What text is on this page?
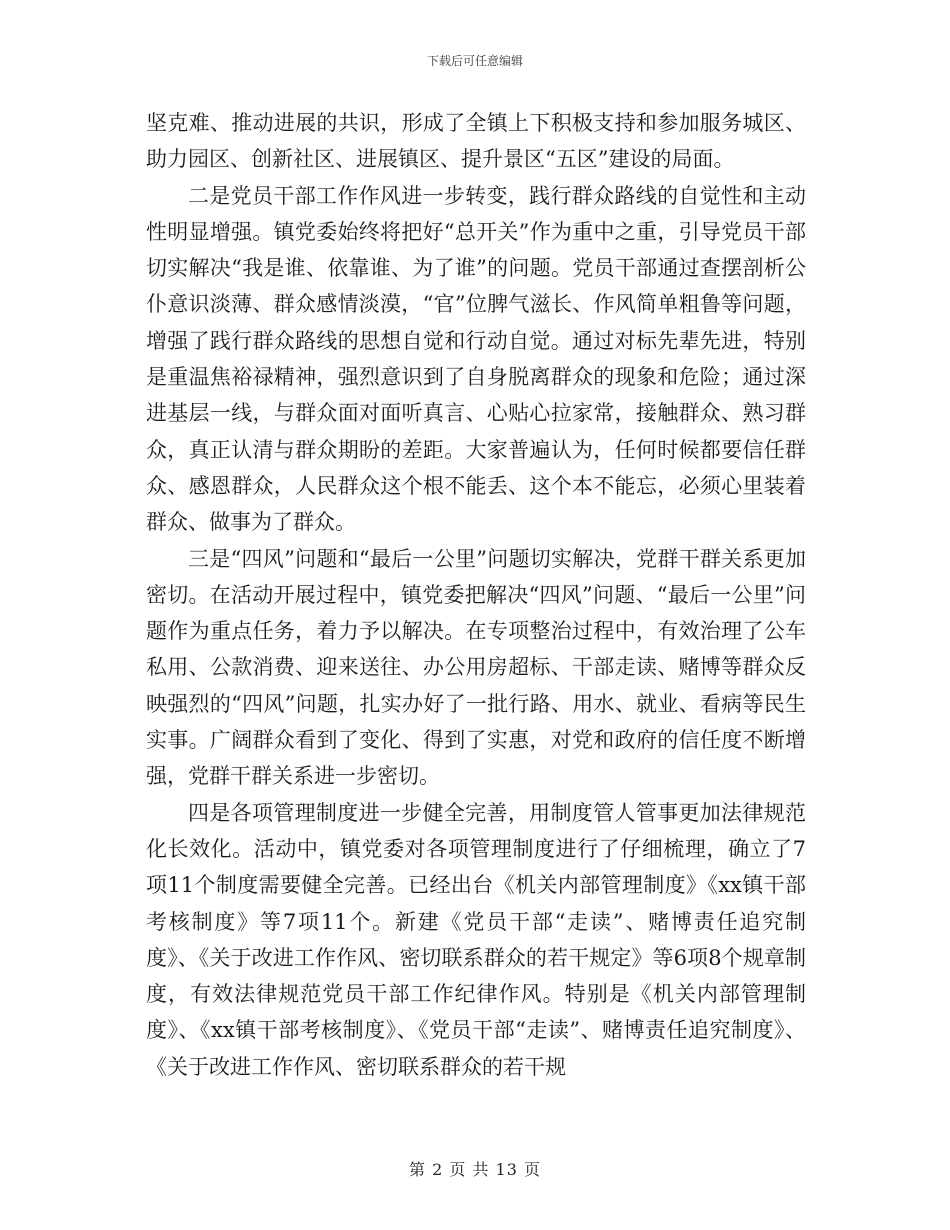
下载后可任意编辑

坚克难、推动进展的共识，形成了全镇上下积极支持和参加服务城区、助力园区、创新社区、进展镇区、提升景区“五区”建设的局面。

二是党员干部工作作风进一步转变，践行群众路线的自觉性和主动性明显增强。镇党委始终将把好“总开关”作为重中之重，引导党员干部切实解决“我是谁、依靠谁、为了谁”的问题。党员干部通过查摆剖析公仆意识淡薄、群众感情淡漠，“官”位脾气滋长、作风简单粗鲁等问题，增强了践行群众路线的思想自觉和行动自觉。通过对标先辈先进，特别是重温焦裕禄精神，强烈意识到了自身脱离群众的现象和危险；通过深进基层一线，与群众面对面听真言、心贴心拉家常，接触群众、熟习群众，真正认清与群众期盼的差距。大家普遍认为，任何时候都要信任群众、感恩群众，人民群众这个根不能丢、这个本不能忘，必须心里装着群众、做事为了群众。

三是“四风”问题和“最后一公里”问题切实解决，党群干群关系更加密切。在活动开展过程中，镇党委把解决“四风”问题、“最后一公里”问题作为重点任务，着力予以解决。在专项整治过程中，有效治理了公车私用、公款消费、迎来送往、办公用房超标、干部走读、赌博等群众反映强烈的“四风”问题，扎实办好了一批行路、用水、就业、看病等民生实事。广阔群众看到了变化、得到了实惠，对党和政府的信任度不断增强，党群干群关系进一步密切。

四是各项管理制度进一步健全完善，用制度管人管事更加法律规范化长效化。活动中，镇党委对各项管理制度进行了仔细梳理，确立了7项11个制度需要健全完善。已经出台《机关内部管理制度》《xx镇干部考核制度》等7项11个。新建《党员干部“走读”、赌博责任追究制度》、《关于改进工作作风、密切联系群众的若干规定》等6项8个规章制度，有效法律规范党员干部工作纪律作风。特别是《机关内部管理制度》、《xx镇干部考核制度》、《党员干部“走读”、赌博责任追究制度》、《关于改进工作作风、密切联系群众的若干规

第 2 页 共 13 页
